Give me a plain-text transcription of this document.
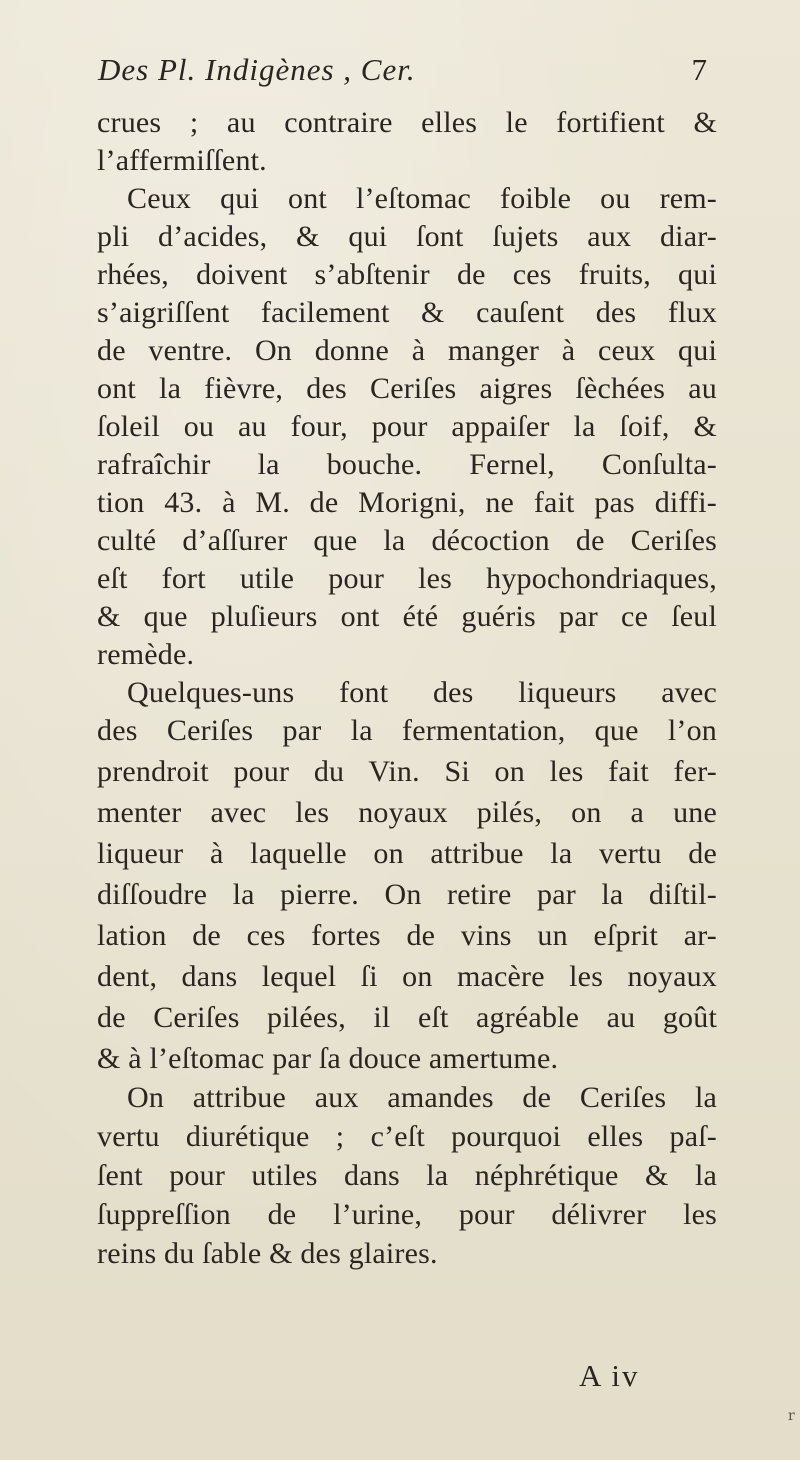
Des Pl. Indigènes , Cer.	7
crues ; au contraire elles le fortifient &
l’affermiſſent.
Ceux qui ont l’eſtomac foible ou rem-
pli d’acides, & qui ſont ſujets aux diar-
rhées, doivent s’abſtenir de ces fruits, qui
s’aigriſſent facilement & cauſent des flux
de ventre. On donne à manger à ceux qui
ont la fièvre, des Ceriſes aigres ſèchées au
ſoleil ou au four, pour appaiſer la ſoif, &
rafraîchir la bouche. Fernel, Conſulta-
tion 43. à M. de Morigni, ne fait pas diffi-
culté d’aſſurer que la décoction de Ceriſes
eſt fort utile pour les hypochondriaques,
& que pluſieurs ont été guéris par ce ſeul
remède.
Quelques-uns font des liqueurs avec
des Ceriſes par la fermentation, que l’on
prendroit pour du Vin. Si on les fait fer-
menter avec les noyaux pilés, on a une
liqueur à laquelle on attribue la vertu de
diſſoudre la pierre. On retire par la diſtil-
lation de ces fortes de vins un eſprit ar-
dent, dans lequel ſi on macère les noyaux
de Ceriſes pilées, il eſt agréable au goût
& à l’eſtomac par ſa douce amertume.
On attribue aux amandes de Ceriſes la
vertu diurétique ; c’eſt pourquoi elles paſ-
ſent pour utiles dans la néphrétique & la
ſuppreſſion de l’urine, pour délivrer les
reins du ſable & des glaires.
A iv
r
